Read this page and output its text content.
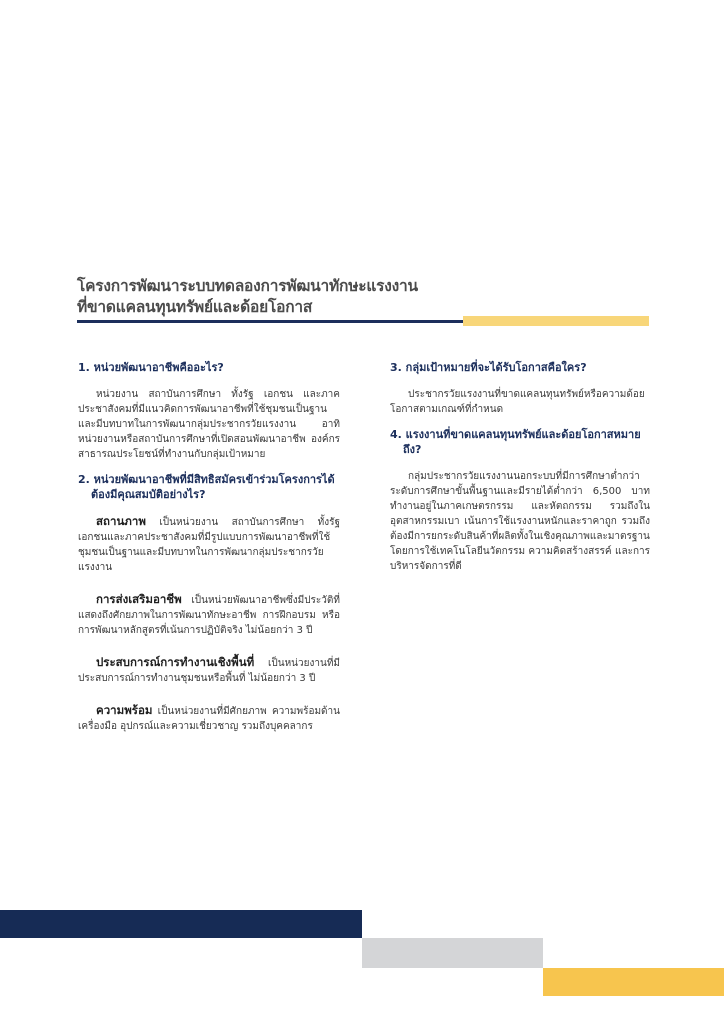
โครงการพัฒนาระบบทดลองการพัฒนาทักษะแรงงาน
ที่ขาดแคลนทุนทรัพย์และด้อยโอกาส
1. หน่วยพัฒนาอาชีพคืออะไร?

หน่วยงาน สถาบันการศึกษา ทั้งรัฐ เอกชน และภาคประชาสังคมที่มีแนวคิดการพัฒนาอาชีพที่ใช้ชุมชนเป็นฐานและมีบทบาทในการพัฒนากลุ่มประชากรวัยแรงงาน อาทิ หน่วยงานหรือสถาบันการศึกษาที่เปิดสอนพัฒนาอาชีพ องค์กรสาธารณประโยชน์ที่ทำงานกับกลุ่มเป้าหมาย

2. หน่วยพัฒนาอาชีพที่มีสิทธิสมัครเข้าร่วมโครงการได้ต้องมีคุณสมบัติอย่างไร?

สถานภาพ เป็นหน่วยงาน สถาบันการศึกษา ทั้งรัฐ เอกชนและภาคประชาสังคมที่มีรูปแบบการพัฒนาอาชีพที่ใช้ชุมชนเป็นฐานและมีบทบาทในการพัฒนากลุ่มประชากรวัยแรงงาน

การส่งเสริมอาชีพ เป็นหน่วยพัฒนาอาชีพซึ่งมีประวัติที่แสดงถึงศักยภาพในการพัฒนาทักษะอาชีพ การฝึกอบรม หรือการพัฒนาหลักสูตรที่เน้นการปฏิบัติจริง ไม่น้อยกว่า 3 ปี

ประสบการณ์การทำงานเชิงพื้นที่ เป็นหน่วยงานที่มีประสบการณ์การทำงานชุมชนหรือพื้นที่ ไม่น้อยกว่า 3 ปี

ความพร้อม เป็นหน่วยงานที่มีศักยภาพ ความพร้อมด้านเครื่องมือ อุปกรณ์และความเชี่ยวชาญ รวมถึงบุคคลากร

3. กลุ่มเป้าหมายที่จะได้รับโอกาสคือใคร?

ประชากรวัยแรงงานที่ขาดแคลนทุนทรัพย์หรือความด้อยโอกาสตามเกณฑ์ที่กำหนด

4. แรงงานที่ขาดแคลนทุนทรัพย์และด้อยโอกาสหมายถึง?

กลุ่มประชากรวัยแรงงานนอกระบบที่มีการศึกษาต่ำกว่าระดับการศึกษาขั้นพื้นฐานและมีรายได้ต่ำกว่า 6,500 บาท ทำงานอยู่ในภาคเกษตรกรรม และหัตถกรรม รวมถึงในอุตสาหกรรมเบา เน้นการใช้แรงงานหนักและราคาถูก รวมถึงต้องมีการยกระดับสินค้าที่ผลิตทั้งในเชิงคุณภาพและมาตรฐาน โดยการใช้เทคโนโลยีนวัตกรรม ความคิดสร้างสรรค์ และการบริหารจัดการที่ดี
